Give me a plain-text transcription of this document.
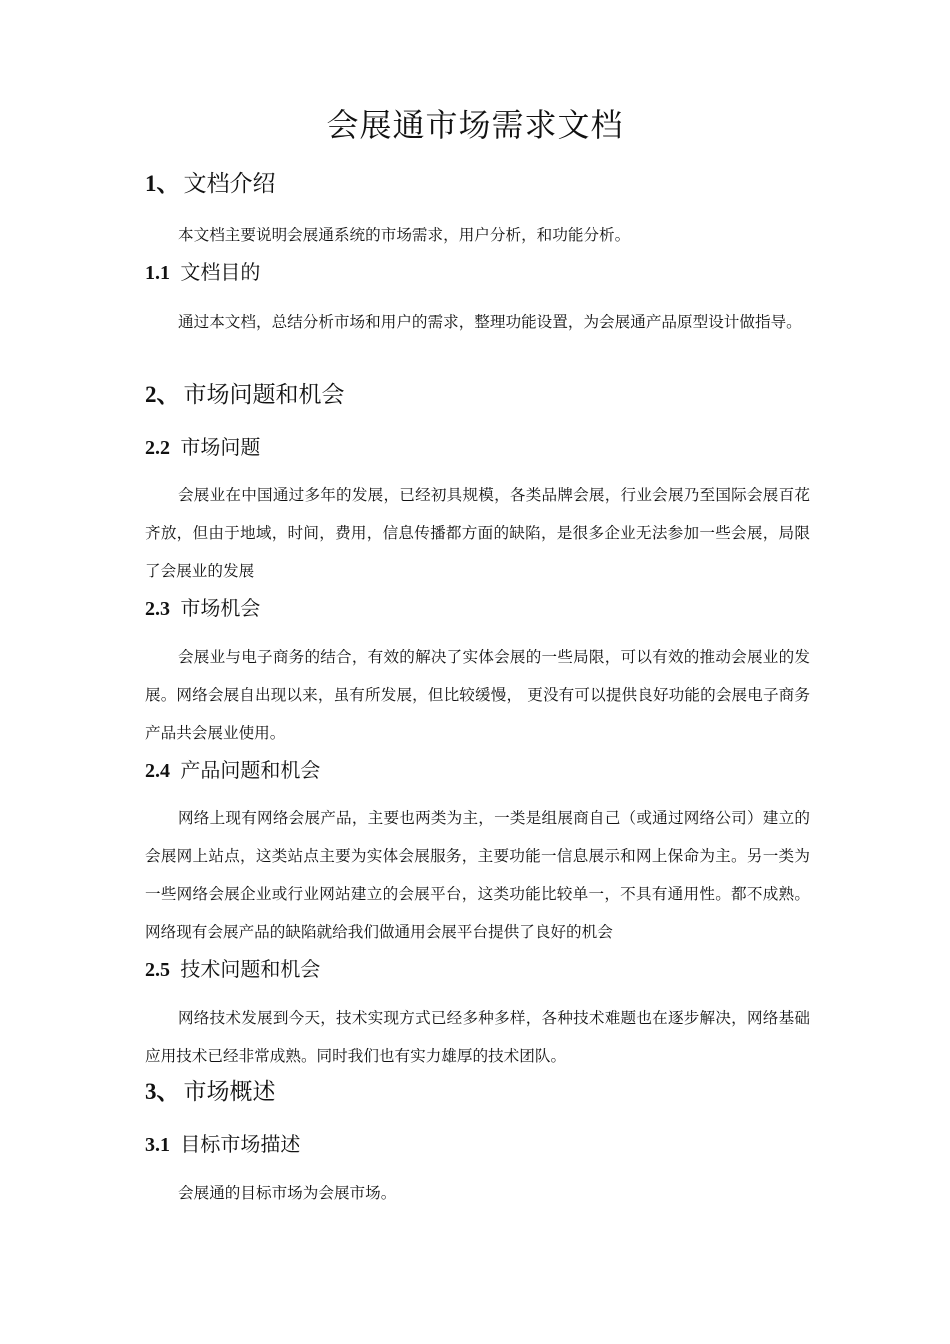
会展通市场需求文档
1、 文档介绍
本文档主要说明会展通系统的市场需求，用户分析，和功能分析。
1.1 文档目的
通过本文档，总结分析市场和用户的需求，整理功能设置，为会展通产品原型设计做指导。
2、 市场问题和机会
2.2 市场问题
会展业在中国通过多年的发展，已经初具规模，各类品牌会展，行业会展乃至国际会展百花齐放，但由于地域，时间，费用，信息传播都方面的缺陷，是很多企业无法参加一些会展，局限了会展业的发展
2.3 市场机会
会展业与电子商务的结合，有效的解决了实体会展的一些局限，可以有效的推动会展业的发展。网络会展自出现以来，虽有所发展，但比较缓慢， 更没有可以提供良好功能的会展电子商务产品共会展业使用。
2.4 产品问题和机会
网络上现有网络会展产品，主要也两类为主，一类是组展商自己（或通过网络公司）建立的会展网上站点，这类站点主要为实体会展服务，主要功能一信息展示和网上保命为主。另一类为一些网络会展企业或行业网站建立的会展平台，这类功能比较单一，不具有通用性。都不成熟。网络现有会展产品的缺陷就给我们做通用会展平台提供了良好的机会
2.5 技术问题和机会
网络技术发展到今天，技术实现方式已经多种多样，各种技术难题也在逐步解决，网络基础应用技术已经非常成熟。同时我们也有实力雄厚的技术团队。
3、 市场概述
3.1 目标市场描述
会展通的目标市场为会展市场。
